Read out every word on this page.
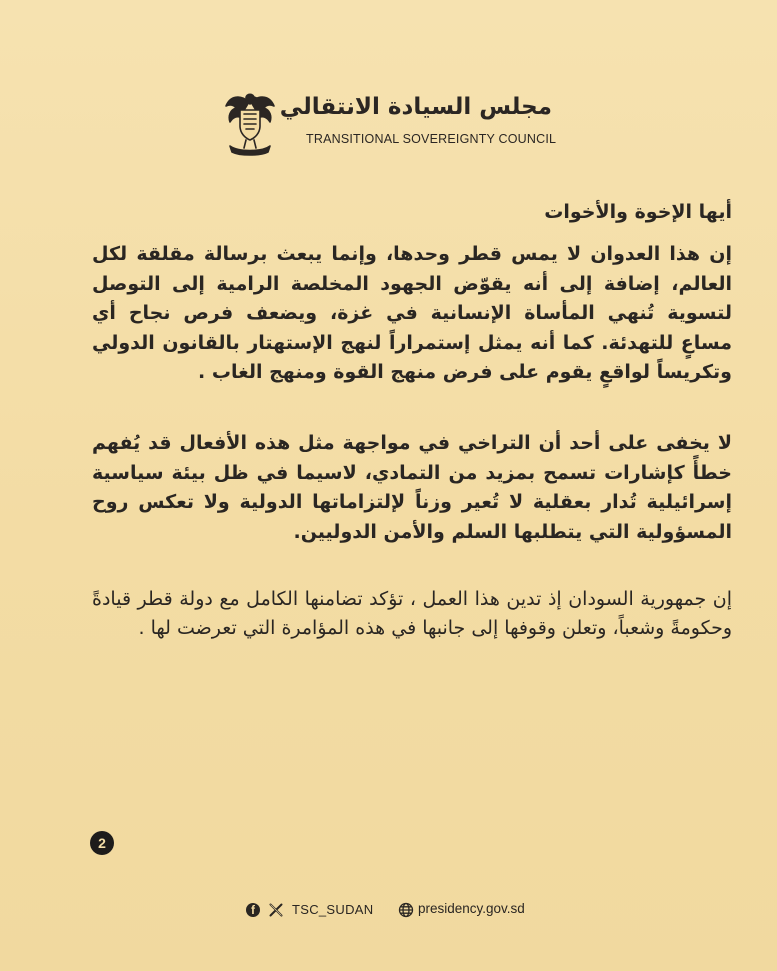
مجلس السيادة الانتقالي
TRANSITIONAL SOVEREIGNTY COUNCIL

أيها الإخوة والأخوات

إن هذا العدوان لا يمس قطر وحدها، وإنما يبعث برسالة مقلقة لكل العالم، إضافة إلى أنه يقوّض الجهود المخلصة الرامية إلى التوصل لتسوية تُنهي المأساة الإنسانية في غزة، ويضعف فرص نجاح أي مساعٍ للتهدئة. كما أنه يمثل إستمراراً لنهج الإستهتار بالقانون الدولي وتكريساً لواقعٍ يقوم على فرض منهج القوة ومنهج الغاب .

لا يخفى على أحد أن التراخي في مواجهة مثل هذه الأفعال قد يُفهم خطأً كإشارات تسمح بمزيد من التمادي، لاسيما في ظل بيئة سياسية إسرائيلية تُدار بعقلية لا تُعير وزناً لإلتزاماتها الدولية ولا تعكس روح المسؤولية التي يتطلبها السلم والأمن الدوليين.

إن جمهورية السودان إذ تدين هذا العمل ، تؤكد تضامنها الكامل مع دولة قطر قيادةً وحكومةً وشعباً، وتعلن وقوفها إلى جانبها في هذه المؤامرة التي تعرضت لها .

2
f	TSC_SUDAN	presidency.gov.sd
